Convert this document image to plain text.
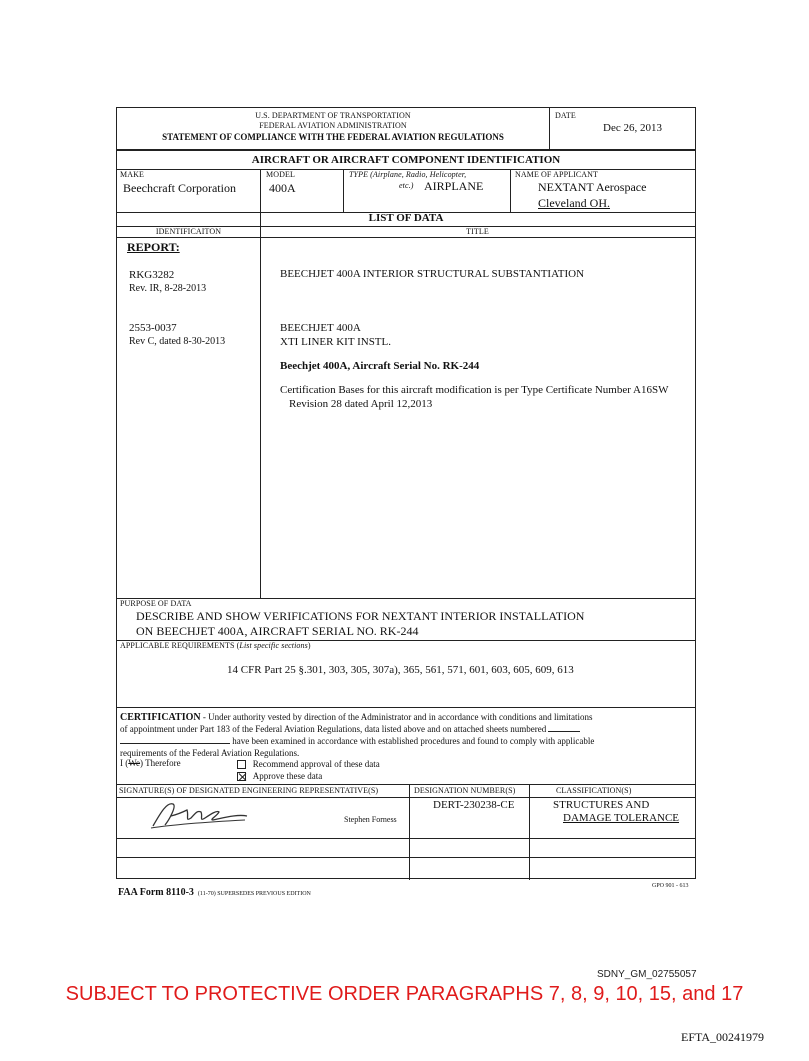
U.S. DEPARTMENT OF TRANSPORTATION
FEDERAL AVIATION ADMINISTRATION
STATEMENT OF COMPLIANCE WITH THE FEDERAL AVIATION REGULATIONS
DATE
Dec 26, 2013
AIRCRAFT OR AIRCRAFT COMPONENT IDENTIFICATION
MAKE
Beechcraft Corporation
MODEL
400A
TYPE (Airplane, Radio, Helicopter,
etc.) AIRPLANE
NAME OF APPLICANT
NEXTANT Aerospace
Cleveland OH.
LIST OF DATA
IDENTIFICAITON	TITLE
REPORT:
RKG3282
Rev. IR, 8-28-2013
BEECHJET 400A INTERIOR STRUCTURAL SUBSTANTIATION
2553-0037
Rev C, dated 8-30-2013
BEECHJET 400A
XTI LINER KIT INSTL.
Beechjet 400A, Aircraft Serial No. RK-244
Certification Bases for this aircraft modification is per Type Certificate Number A16SW
Revision 28 dated April 12,2013
PURPOSE OF DATA
DESCRIBE AND SHOW VERIFICATIONS FOR NEXTANT INTERIOR INSTALLATION
ON BEECHJET 400A, AIRCRAFT SERIAL NO. RK-244
APPLICABLE REQUIREMENTS (List specific sections)
14 CFR Part 25 §.301, 303, 305, 307a), 365, 561, 571, 601, 603, 605, 609, 613
CERTIFICATION - Under authority vested by direction of the Administrator and in accordance with conditions and limitations
of appointment under Part 183 of the Federal Aviation Regulations, data listed above and on attached sheets numbered
have been examined in accordance with established procedures and found to comply with applicable
requirements of the Federal Aviation Regulations.
I (We) Therefore	Recommend approval of these data
Approve these data
SIGNATURE(S) OF DESIGNATED ENGINEERING REPRESENTATIVE(S)	DESIGNATION NUMBER(S)	CLASSIFICATION(S)
Stephen Forness
DERT-230238-CE	STRUCTURES AND
DAMAGE TOLERANCE
FAA Form 8110-3 (11-70) SUPERSEDES PREVIOUS EDITION
GPO 901 - 613
SDNY_GM_02755057
SUBJECT TO PROTECTIVE ORDER PARAGRAPHS 7, 8, 9, 10, 15, and 17
EFTA_00241979
